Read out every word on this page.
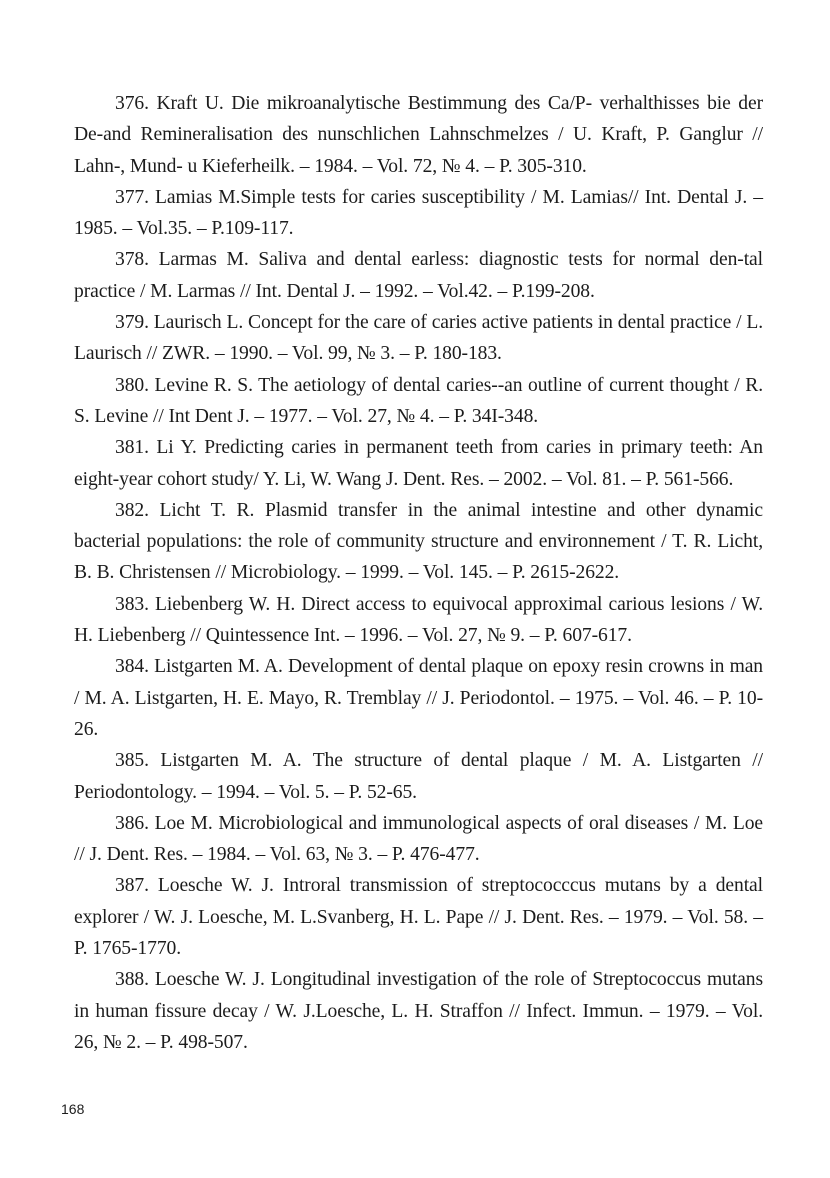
376. Kraft U. Die mikroanalytische Bestimmung des Ca/P- verhalthisses bie der De-and Remineralisation des nunschlichen Lahnschmelzes / U. Kraft, P. Ganglur // Lahn-, Mund- u Kieferheilk. – 1984. – Vol. 72, № 4. – P. 305-310.

377. Lamias M.Simple tests for caries susceptibility / M. Lamias// Int. Dental J. – 1985. – Vol.35. – P.109-117.

378. Larmas M. Saliva and dental earless: diagnostic tests for normal den-tal practice / M. Larmas // Int. Dental J. – 1992. – Vol.42. – P.199-208.

379. Laurisch L. Concept for the care of caries active patients in dental practice / L. Laurisch // ZWR. – 1990. – Vol. 99, № 3. – P. 180-183.

380. Levine R. S. The aetiology of dental caries--an outline of current thought / R. S. Levine // Int Dent J. – 1977. – Vol. 27, № 4. – P. 34I-348.

381. Li Y. Predicting caries in permanent teeth from caries in primary teeth: An eight-year cohort study/ Y. Li, W. Wang J. Dent. Res. – 2002. – Vol. 81. – P. 561-566.

382. Licht T. R. Plasmid transfer in the animal intestine and other dynamic bacterial populations: the role of community structure and environnement / T. R. Licht, B. B. Christensen // Microbiology. – 1999. – Vol. 145. – P. 2615-2622.

383. Liebenberg W. H. Direct access to equivocal approximal carious lesions / W. H. Liebenberg // Quintessence Int. – 1996. – Vol. 27, № 9. – P. 607-617.

384. Listgarten M. A. Development of dental plaque on epoxy resin crowns in man / M. A. Listgarten, H. E. Mayo, R. Tremblay // J. Periodontol. – 1975. – Vol. 46. – P. 10-26.

385. Listgarten M. A. The structure of dental plaque / M. A. Listgarten // Periodontology. – 1994. – Vol. 5. – P. 52-65.

386. Loe M. Microbiological and immunological aspects of oral diseases / M. Loe // J. Dent. Res. – 1984. – Vol. 63, № 3. – P. 476-477.

387. Loesche W. J. Introral transmission of streptococccus mutans by a dental explorer / W. J. Loesche, M. L.Svanberg, H. L. Pape // J. Dent. Res. – 1979. – Vol. 58. – P. 1765-1770.

388. Loesche W. J. Longitudinal investigation of the role of Streptococcus mutans in human fissure decay / W. J.Loesche, L. H. Straffon // Infect. Immun. – 1979. – Vol. 26, № 2. – P. 498-507.

168
